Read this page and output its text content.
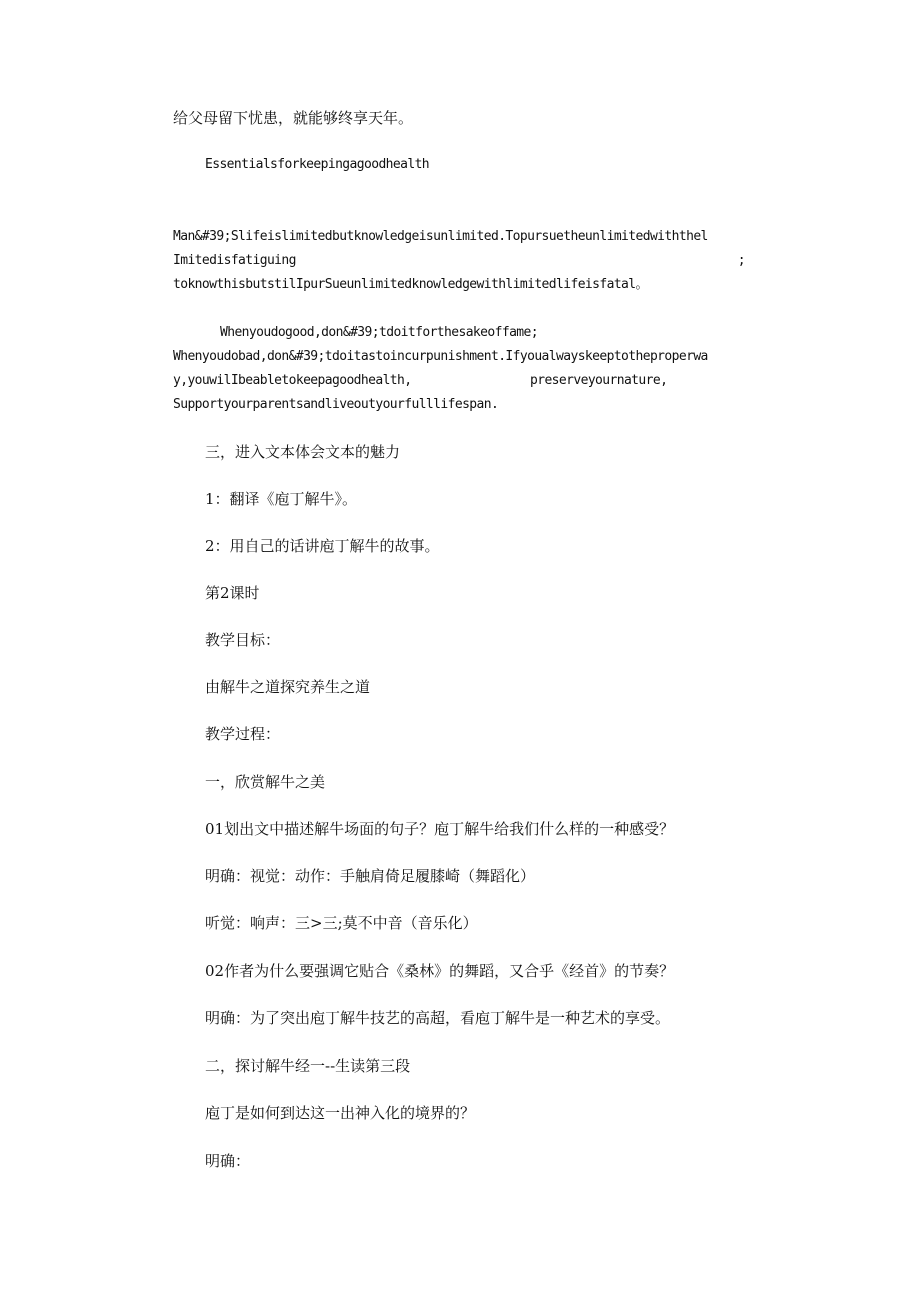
给父母留下忧患，就能够终享天年。
Essentialsforkeepingagoodhealth
Man&#39;Slifeislimitedbutknowledgeisunlimited.Topursuetheunlimitedwiththel
Imitedisfatiguing	;
toknowthisbutstilIpurSueunlimitedknowledgewithlimitedlifeisfatal。
Whenyoudogood,don&#39;tdoitforthesakeoffame;
Whenyoudobad,don&#39;tdoitastoincurpunishment.Ifyoualwayskeeptotheproperwa
y,youwilIbeabletokeepagoodhealth,	preserveyournature,
Supportyourparentsandliveoutyourfulllifespan.
三，进入文本体会文本的魅力
1：翻译《庖丁解牛》。
2：用自己的话讲庖丁解牛的故事。
第2课时
教学目标：
由解牛之道探究养生之道
教学过程：
一，欣赏解牛之美
01划出文中描述解牛场面的句子？庖丁解牛给我们什么样的一种感受？
明确：视觉：动作：手触肩倚足履膝崎（舞蹈化）
听觉：响声：三>三;莫不中音（音乐化）
02作者为什么要强调它贴合《桑林》的舞蹈，又合乎《经首》的节奏？
明确：为了突出庖丁解牛技艺的高超，看庖丁解牛是一种艺术的享受。
二，探讨解牛经一--生读第三段
庖丁是如何到达这一出神入化的境界的？
明确：
